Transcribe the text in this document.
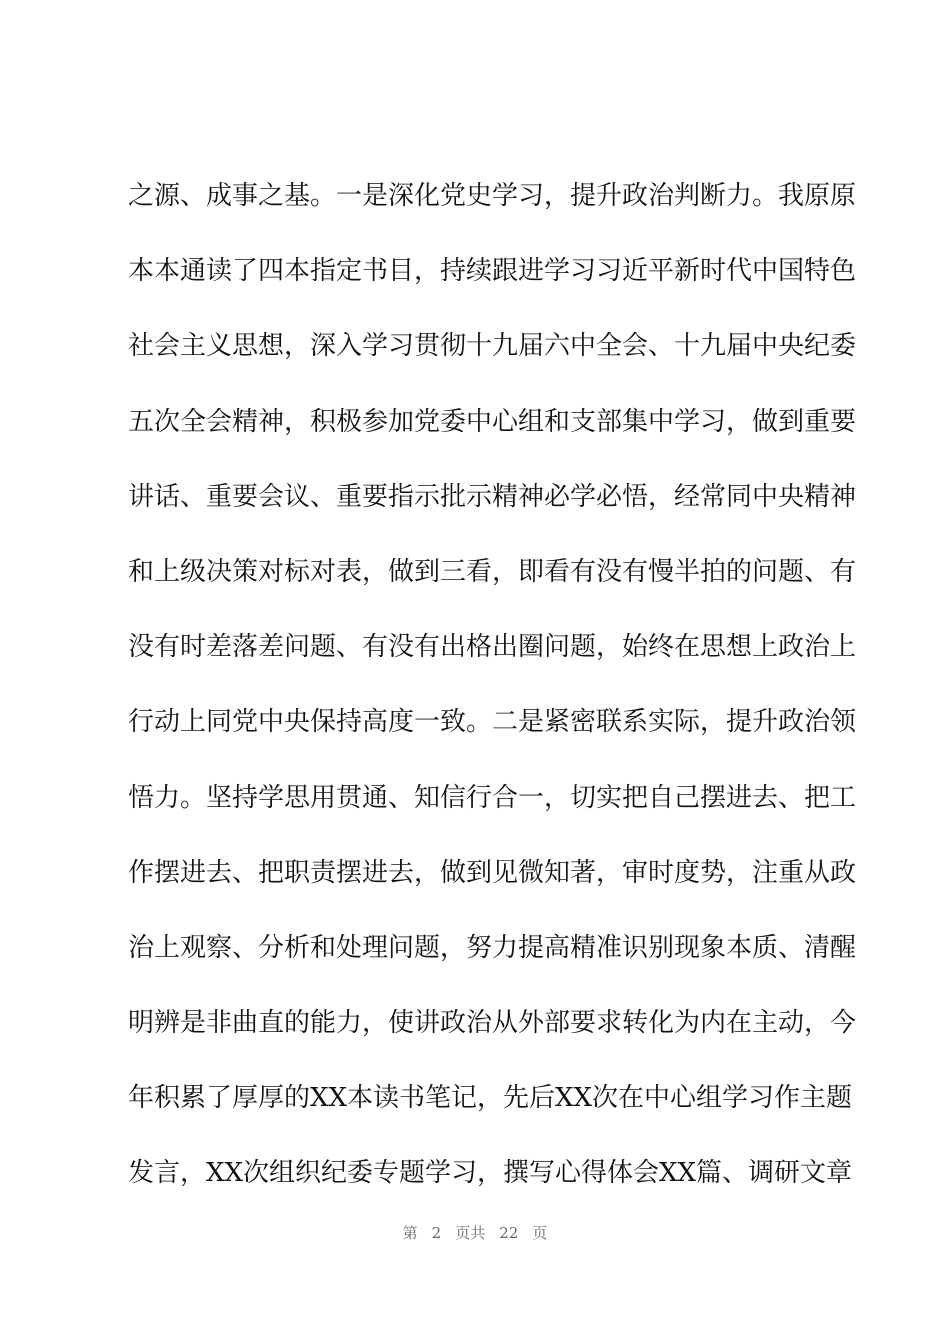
之源、成事之基。一是深化党史学习，提升政治判断力。我原原
本本通读了四本指定书目，持续跟进学习习近平新时代中国特色
社会主义思想，深入学习贯彻十九届六中全会、十九届中央纪委
五次全会精神，积极参加党委中心组和支部集中学习，做到重要
讲话、重要会议、重要指示批示精神必学必悟，经常同中央精神
和上级决策对标对表，做到三看，即看有没有慢半拍的问题、有
没有时差落差问题、有没有出格出圈问题，始终在思想上政治上
行动上同党中央保持高度一致。二是紧密联系实际，提升政治领
悟力。坚持学思用贯通、知信行合一，切实把自己摆进去、把工
作摆进去、把职责摆进去，做到见微知著，审时度势，注重从政
治上观察、分析和处理问题，努力提高精准识别现象本质、清醒
明辨是非曲直的能力，使讲政治从外部要求转化为内在主动，今
年积累了厚厚的XX本读书笔记，先后XX次在中心组学习作主题
发言，XX次组织纪委专题学习，撰写心得体会XX篇、调研文章
第 2 页共 22 页
